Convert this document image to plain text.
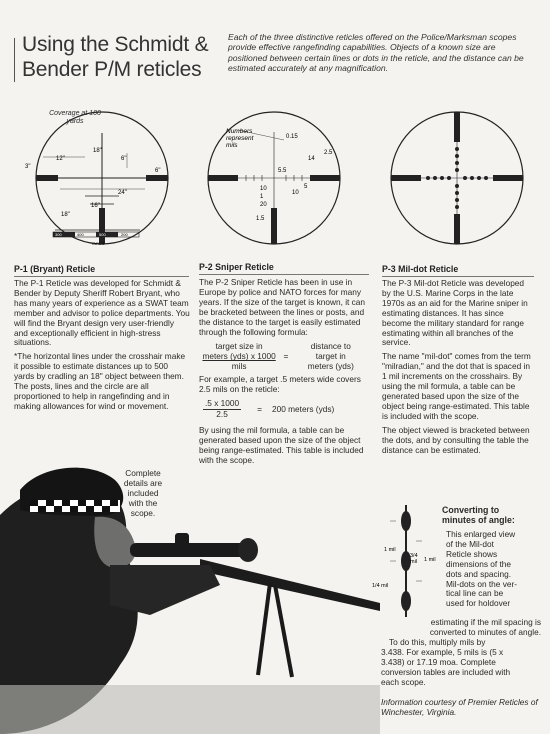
Using the Schmidt &
Bender P/M reticles
Each of the three distinctive reticles offered on the Police/Marksman scopes provide effective rangefinding capabilities. Objects of a known size are positioned between certain lines or dots in the reticle, and the distance can be estimated accurately at any magnification.
Coverage at 100 yards
3"
12"
18"
6"
6"
24"
16"
18"
300	400	500	200
YARDS
Numbers
represent
mils
0.15
2.5
14
5.5
10
1
10
5
20
1.5
P-1 (Bryant) Reticle	P-2 Sniper Reticle	P-3 Mil-dot Reticle

The P-1 Reticle was developed for Schmidt & Bender by Deputy Sheriff Robert Bryant, who has many years of experience as a SWAT team member and advisor to police departments. You will find the Bryant design very user-friendly and exceptionally efficient in high-stress situations.

*The horizontal lines under the crosshair make it possible to estimate distances up to 500 yards by cradling an 18" object between them. The posts, lines and the circle are all proportioned to help in rangefinding and in making allowances for wind or movement.

Complete
details are
included
with the
scope.

The P-2 Sniper Reticle has been in use in Europe by police and NATO forces for many years. If the size of the target is known, it can be bracketed between the lines or posts, and the distance to the target is easily estimated through the following formula:

target size in	distance to
meters (yds) x 1000 =	target in
mils	meters (yds)

For example, a target .5 meters wide covers 2.5 mils on the reticle:

$\frac{.5 x 1000}{2.5} = 200$ meters (yds)

By using the mil formula, a table can be generated based upon the size of the object being range-estimated. This table is included with the scope.

The P-3 Mil-dot Reticle was developed by the U.S. Marine Corps in the late 1970s as an aid for the Marine sniper in estimating distances. It has since become the military standard for range estimating within all branches of the service.

The name "mil-dot" comes from the term "milradian," and the dot that is spaced in 1 mil increments on the crosshairs. By using the mil formula, a table can be generated based upon the size of the object being range-estimated. This table is included with the scope.

The object viewed is bracketed between the dots, and by consulting the table the distance can be estimated.

1 mil
3/4
mil 1 mil
1/4 mil
Converting to
minutes of angle:
This enlarged view
of the Mil-dot
Reticle shows
dimensions of the
dots and spacing.
Mil-dots on the ver-
tical line can be
used for holdover
estimating if the mil spacing is
converted to minutes of angle.
To do this, multiply mils by
3.438. For example, 5 mils is (5 x
3.438) or 17.19 moa. Complete
conversion tables are included with
each scope.
Information courtesy of Premier Reticles of Winchester, Virginia.
